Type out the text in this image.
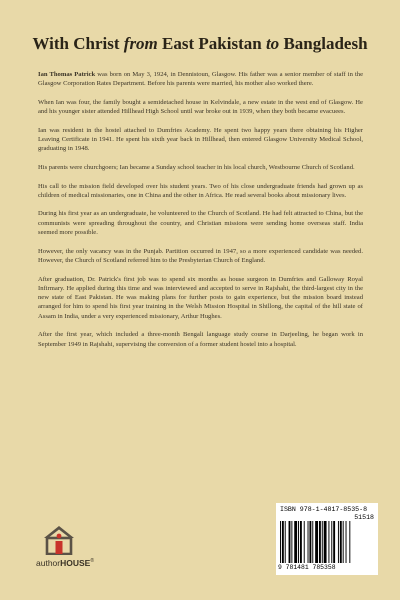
With Christ from East Pakistan to Bangladesh

Ian Thomas Patrick was born on May 3, 1924, in Dennistoun, Glasgow. His father was a senior member of staff in the Glasgow Corporation Rates Department. Before his parents were married, his mother also worked there.

When Ian was four, the family bought a semidetached house in Kelvindale, a new estate in the west end of Glasgow. He and his younger sister attended Hillhead High School until war broke out in 1939, when they both became evacuees.

Ian was resident in the hostel attached to Dumfries Academy. He spent two happy years there obtaining his Higher Leaving Certificate in 1941. He spent his sixth year back in Hillhead, then entered Glasgow University Medical School, graduating in 1948.

His parents were churchgoers; Ian became a Sunday school teacher in his local church, Westbourne Church of Scotland.

His call to the mission field developed over his student years. Two of his close undergraduate friends had grown up as children of medical missionaries, one in China and the other in Africa. He read several books about missionary lives.

During his first year as an undergraduate, he volunteered to the Church of Scotland. He had felt attracted to China, but the communists were spreading throughout the country, and Christian missions were sending home overseas staff. India seemed more possible.

However, the only vacancy was in the Punjab. Partition occurred in 1947, so a more experienced candidate was needed. However, the Church of Scotland referred him to the Presbyterian Church of England.

After graduation, Dr. Patrick's first job was to spend six months as house surgeon in Dumfries and Galloway Royal Infirmary. He applied during this time and was interviewed and accepted to serve in Rajshahi, the third-largest city in the new state of East Pakistan. He was making plans for further posts to gain experience, but the mission board instead arranged for him to spend his first year training in the Welsh Mission Hospital in Shillong, the capital of the hill state of Assam in India, under a very experienced missionary, Arthur Hughes.

After the first year, which included a three-month Bengali language study course in Darjeeling, he began work in September 1949 in Rajshahi, supervising the conversion of a former student hostel into a hospital.

authorHOUSE®
ISBN 978-1-4817-8535-8
51518
9 781481 785358
